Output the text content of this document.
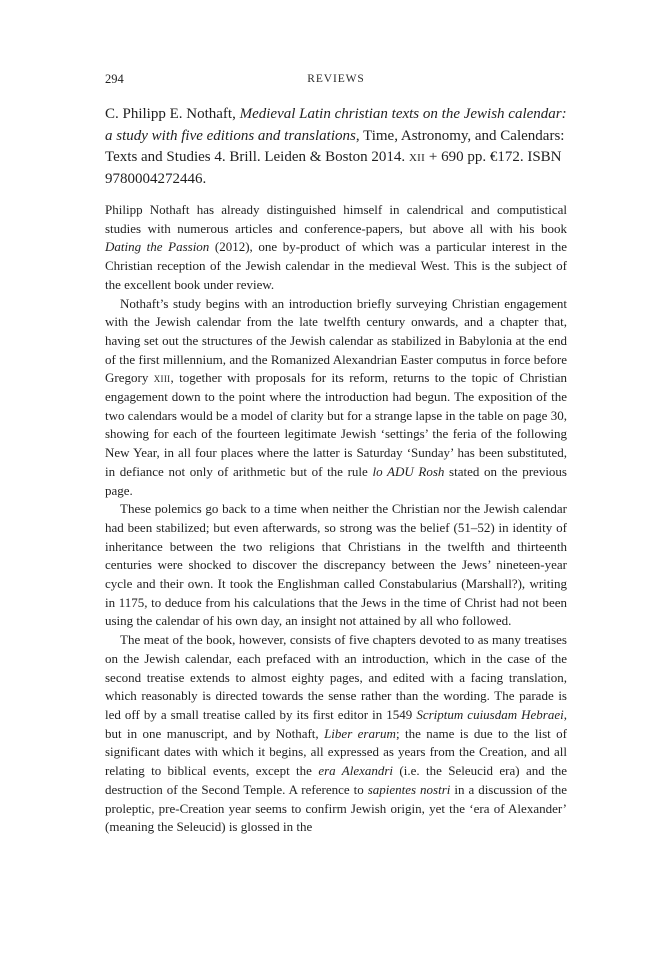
294	REVIEWS
C. Philipp E. Nothaft, Medieval Latin christian texts on the Jewish calendar: a study with five editions and translations, Time, Astronomy, and Calendars: Texts and Studies 4. Brill. Leiden & Boston 2014. xii + 690 pp. €172. ISBN 9780004272446.

Philipp Nothaft has already distinguished himself in calendrical and computistical studies with numerous articles and conference-papers, but above all with his book Dating the Passion (2012), one by-product of which was a particular interest in the Christian reception of the Jewish calendar in the medieval West. This is the subject of the excellent book under review.

Nothaft’s study begins with an introduction briefly surveying Christian engagement with the Jewish calendar from the late twelfth century onwards, and a chapter that, having set out the structures of the Jewish calendar as stabilized in Babylonia at the end of the first millennium, and the Romanized Alexandrian Easter computus in force before Gregory xiii, together with proposals for its reform, returns to the topic of Christian engagement down to the point where the introduction had begun. The exposition of the two calendars would be a model of clarity but for a strange lapse in the table on page 30, showing for each of the fourteen legitimate Jewish ‘settings’ the feria of the following New Year, in all four places where the latter is Saturday ‘Sunday’ has been substituted, in defiance not only of arithmetic but of the rule lo ADU Rosh stated on the previous page.

These polemics go back to a time when neither the Christian nor the Jewish calendar had been stabilized; but even afterwards, so strong was the belief (51–52) in identity of inheritance between the two religions that Christians in the twelfth and thirteenth centuries were shocked to discover the discrepancy between the Jews’ nineteen-year cycle and their own. It took the Englishman called Constabularius (Marshall?), writing in 1175, to deduce from his calculations that the Jews in the time of Christ had not been using the calendar of his own day, an insight not attained by all who followed.

The meat of the book, however, consists of five chapters devoted to as many treatises on the Jewish calendar, each prefaced with an introduction, which in the case of the second treatise extends to almost eighty pages, and edited with a facing translation, which reasonably is directed towards the sense rather than the wording. The parade is led off by a small treatise called by its first editor in 1549 Scriptum cuiusdam Hebraei, but in one manuscript, and by Nothaft, Liber erarum; the name is due to the list of significant dates with which it begins, all expressed as years from the Creation, and all relating to biblical events, except the era Alexandri (i.e. the Seleucid era) and the destruction of the Second Temple. A reference to sapientes nostri in a discussion of the proleptic, pre-Creation year seems to confirm Jewish origin, yet the ‘era of Alexander’ (meaning the Seleucid) is glossed in the
